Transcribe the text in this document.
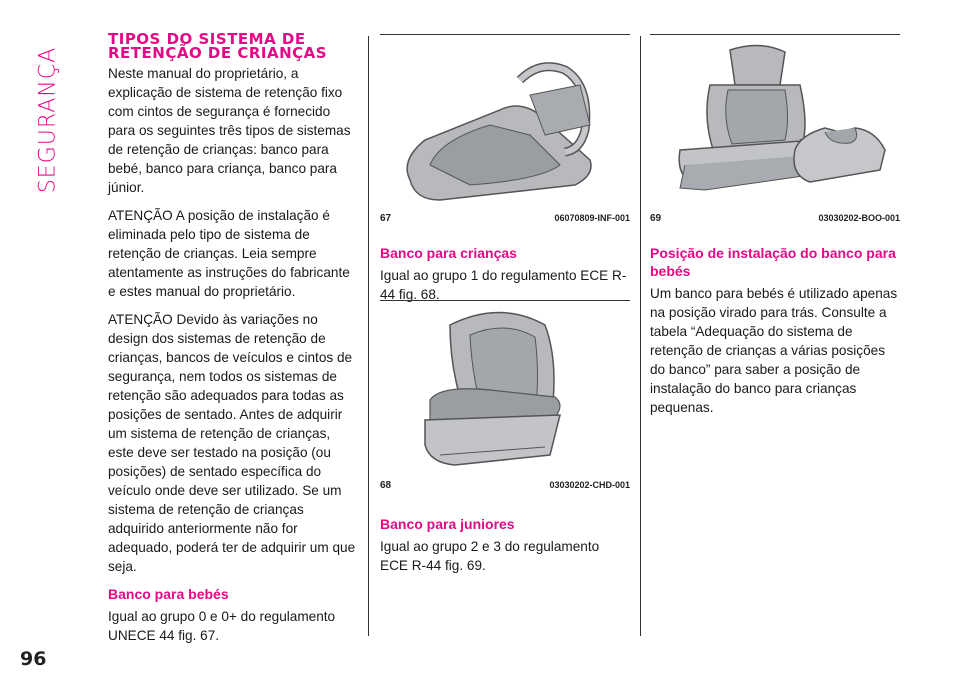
SEGURANÇA
96
TIPOS DO SISTEMA DE RETENÇÃO DE CRIANÇAS

Neste manual do proprietário, a explicação de sistema de retenção fixo com cintos de segurança é fornecido para os seguintes três tipos de sistemas de retenção de crianças: banco para bebé, banco para criança, banco para júnior.

ATENÇÃO A posição de instalação é eliminada pelo tipo de sistema de retenção de crianças. Leia sempre atentamente as instruções do fabricante e estes manual do proprietário.

ATENÇÃO Devido às variações no design dos sistemas de retenção de crianças, bancos de veículos e cintos de segurança, nem todos os sistemas de retenção são adequados para todas as posições de sentado. Antes de adquirir um sistema de retenção de crianças, este deve ser testado na posição (ou posições) de sentado específica do veículo onde deve ser utilizado. Se um sistema de retenção de crianças adquirido anteriormente não for adequado, poderá ter de adquirir um que seja.

Banco para bebés

Igual ao grupo 0 e 0+ do regulamento UNECE 44 fig. 67.

67	06070809-INF-001
Banco para crianças

Igual ao grupo 1 do regulamento ECE R-44 fig. 68.

68	03030202-CHD-001
Banco para juniores

Igual ao grupo 2 e 3 do regulamento ECE R-44 fig. 69.

69	03030202-BOO-001
Posição de instalação do banco para bebés

Um banco para bebés é utilizado apenas na posição virado para trás. Consulte a tabela “Adequação do sistema de retenção de crianças a várias posições do banco” para saber a posição de instalação do banco para crianças pequenas.
